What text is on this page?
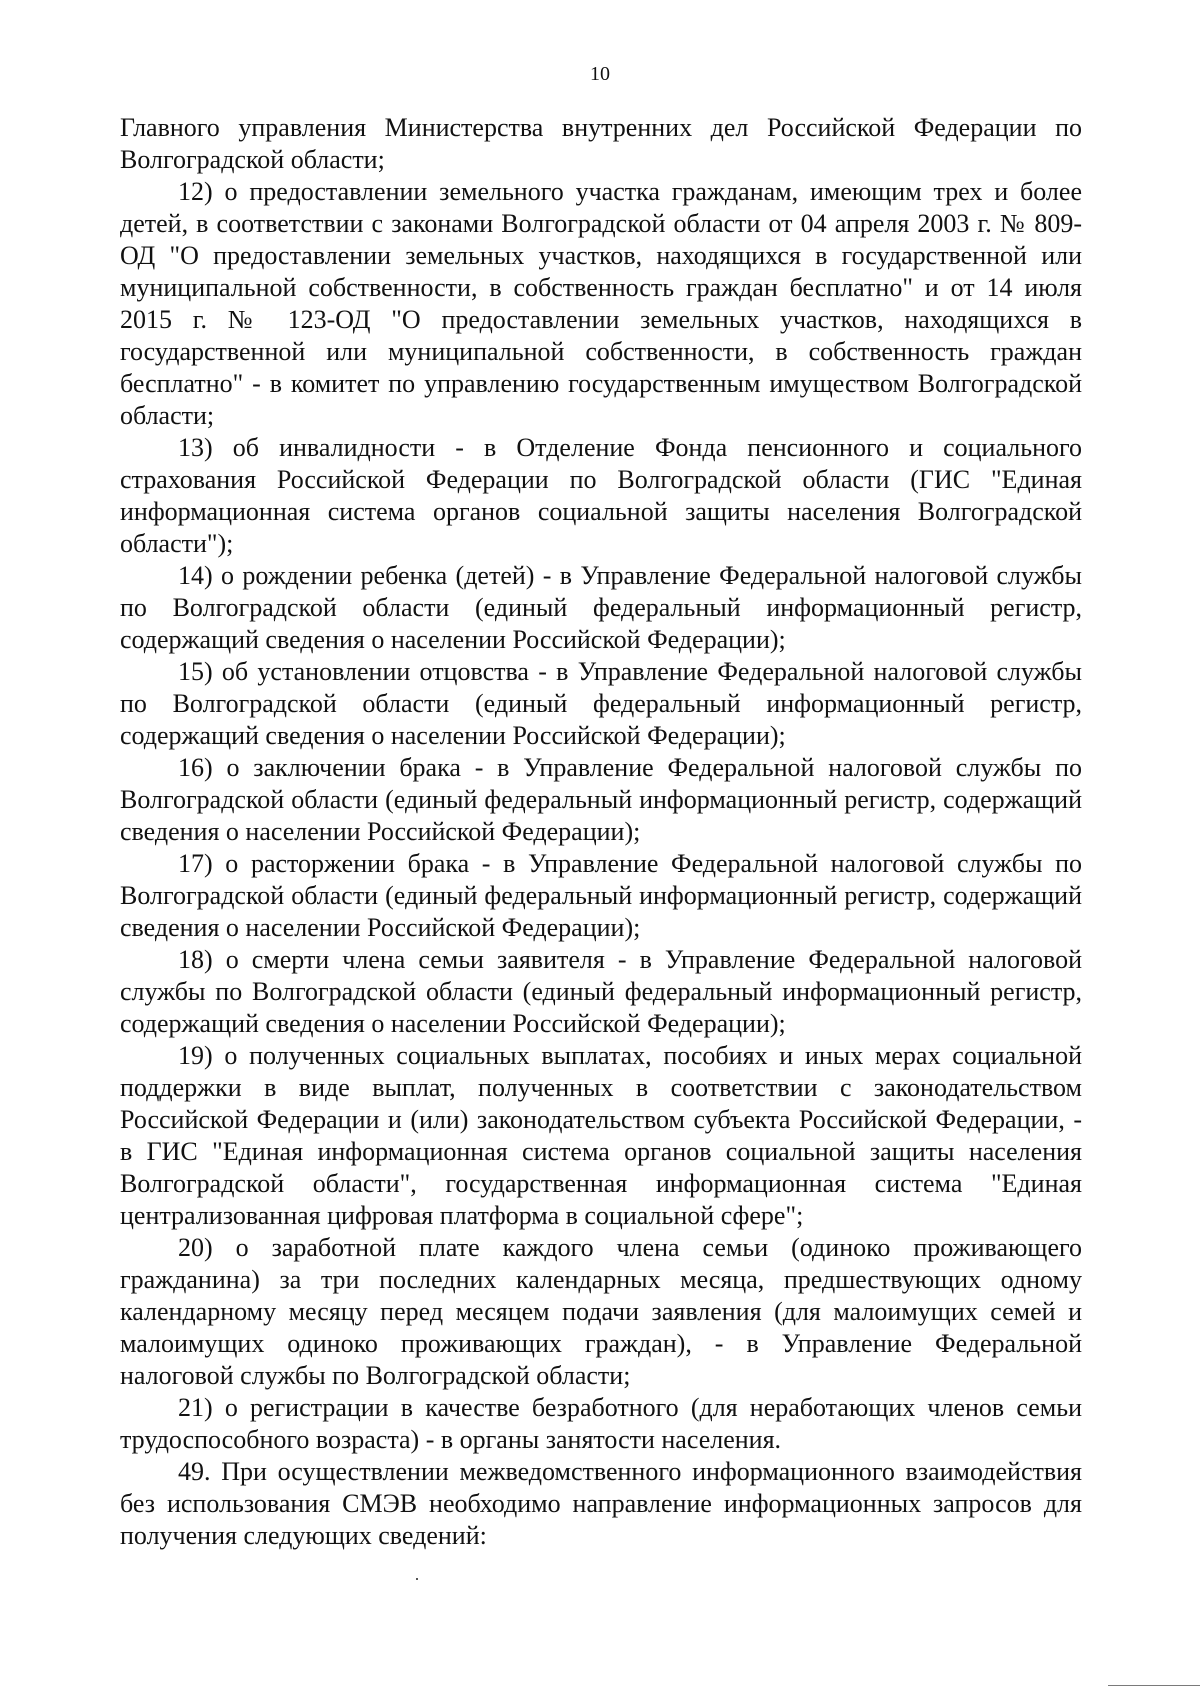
10

Главного управления Министерства внутренних дел Российской Федерации по Волгоградской области;

12) о предоставлении земельного участка гражданам, имеющим трех и более детей, в соответствии с законами Волгоградской области от 04 апреля 2003 г. № 809-ОД "О предоставлении земельных участков, находящихся в государственной или муниципальной собственности, в собственность граждан бесплатно" и от 14 июля 2015 г. № 123-ОД "О предоставлении земельных участков, находящихся в государственной или муниципальной собственности, в собственность граждан бесплатно" - в комитет по управлению государственным имуществом Волгоградской области;

13) об инвалидности - в Отделение Фонда пенсионного и социального страхования Российской Федерации по Волгоградской области (ГИС "Единая информационная система органов социальной защиты населения Волгоградской области");

14) о рождении ребенка (детей) - в Управление Федеральной налоговой службы по Волгоградской области (единый федеральный информационный регистр, содержащий сведения о населении Российской Федерации);

15) об установлении отцовства - в Управление Федеральной налоговой службы по Волгоградской области (единый федеральный информационный регистр, содержащий сведения о населении Российской Федерации);

16) о заключении брака - в Управление Федеральной налоговой службы по Волгоградской области (единый федеральный информационный регистр, содержащий сведения о населении Российской Федерации);

17) о расторжении брака - в Управление Федеральной налоговой службы по Волгоградской области (единый федеральный информационный регистр, содержащий сведения о населении Российской Федерации);

18) о смерти члена семьи заявителя - в Управление Федеральной налоговой службы по Волгоградской области (единый федеральный информационный регистр, содержащий сведения о населении Российской Федерации);

19) о полученных социальных выплатах, пособиях и иных мерах социальной поддержки в виде выплат, полученных в соответствии с законодательством Российской Федерации и (или) законодательством субъекта Российской Федерации, - в ГИС "Единая информационная система органов социальной защиты населения Волгоградской области", государственная информационная система "Единая централизованная цифровая платформа в социальной сфере";

20) о заработной плате каждого члена семьи (одиноко проживающего гражданина) за три последних календарных месяца, предшествующих одному календарному месяцу перед месяцем подачи заявления (для малоимущих семей и малоимущих одиноко проживающих граждан), - в Управление Федеральной налоговой службы по Волгоградской области;

21) о регистрации в качестве безработного (для неработающих членов семьи трудоспособного возраста) - в органы занятости населения.

49. При осуществлении межведомственного информационного взаимодействия без использования СМЭВ необходимо направление информационных запросов для получения следующих сведений:
